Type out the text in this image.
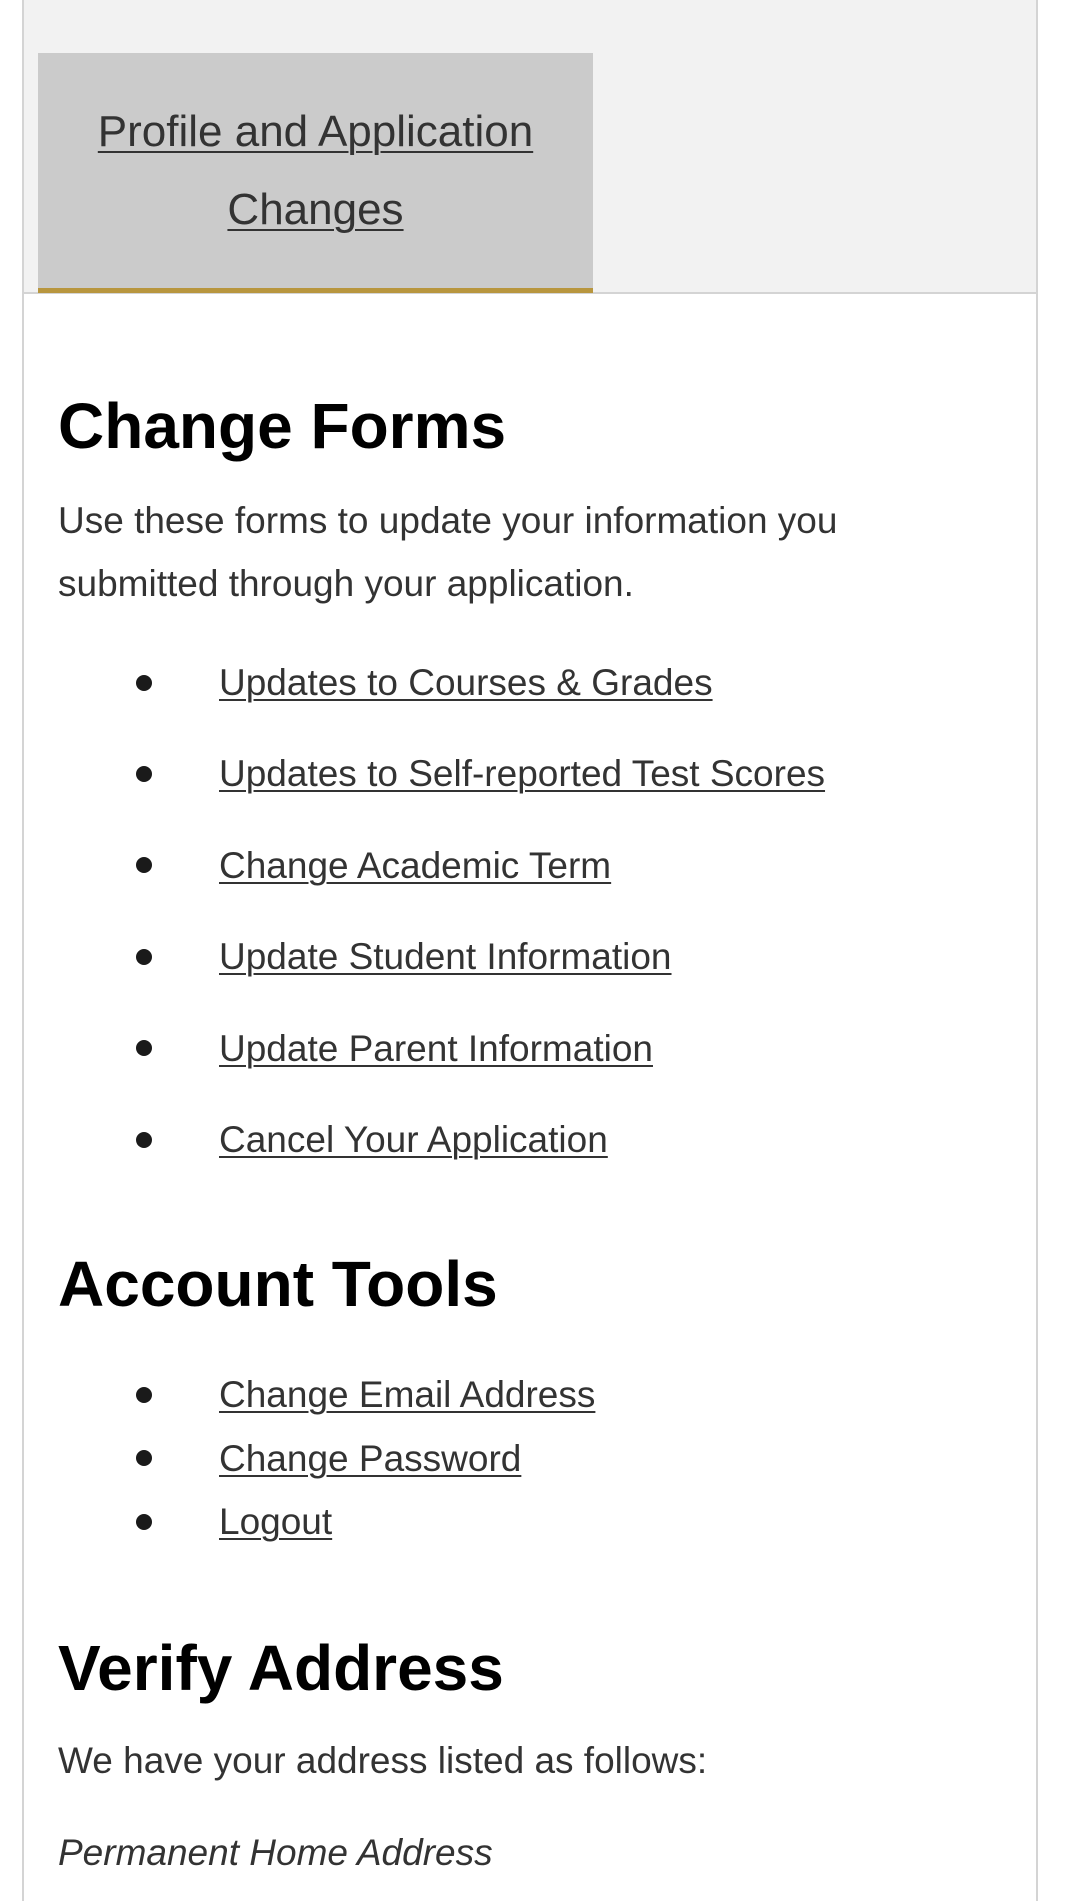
Profile and Application Changes
Change Forms

Use these forms to update your information you submitted through your application.

Updates to Courses & Grades
Updates to Self-reported Test Scores
Change Academic Term
Update Student Information
Update Parent Information
Cancel Your Application
Account Tools
Change Email Address
Change Password
Logout
Verify Address

We have your address listed as follows:

Permanent Home Address
